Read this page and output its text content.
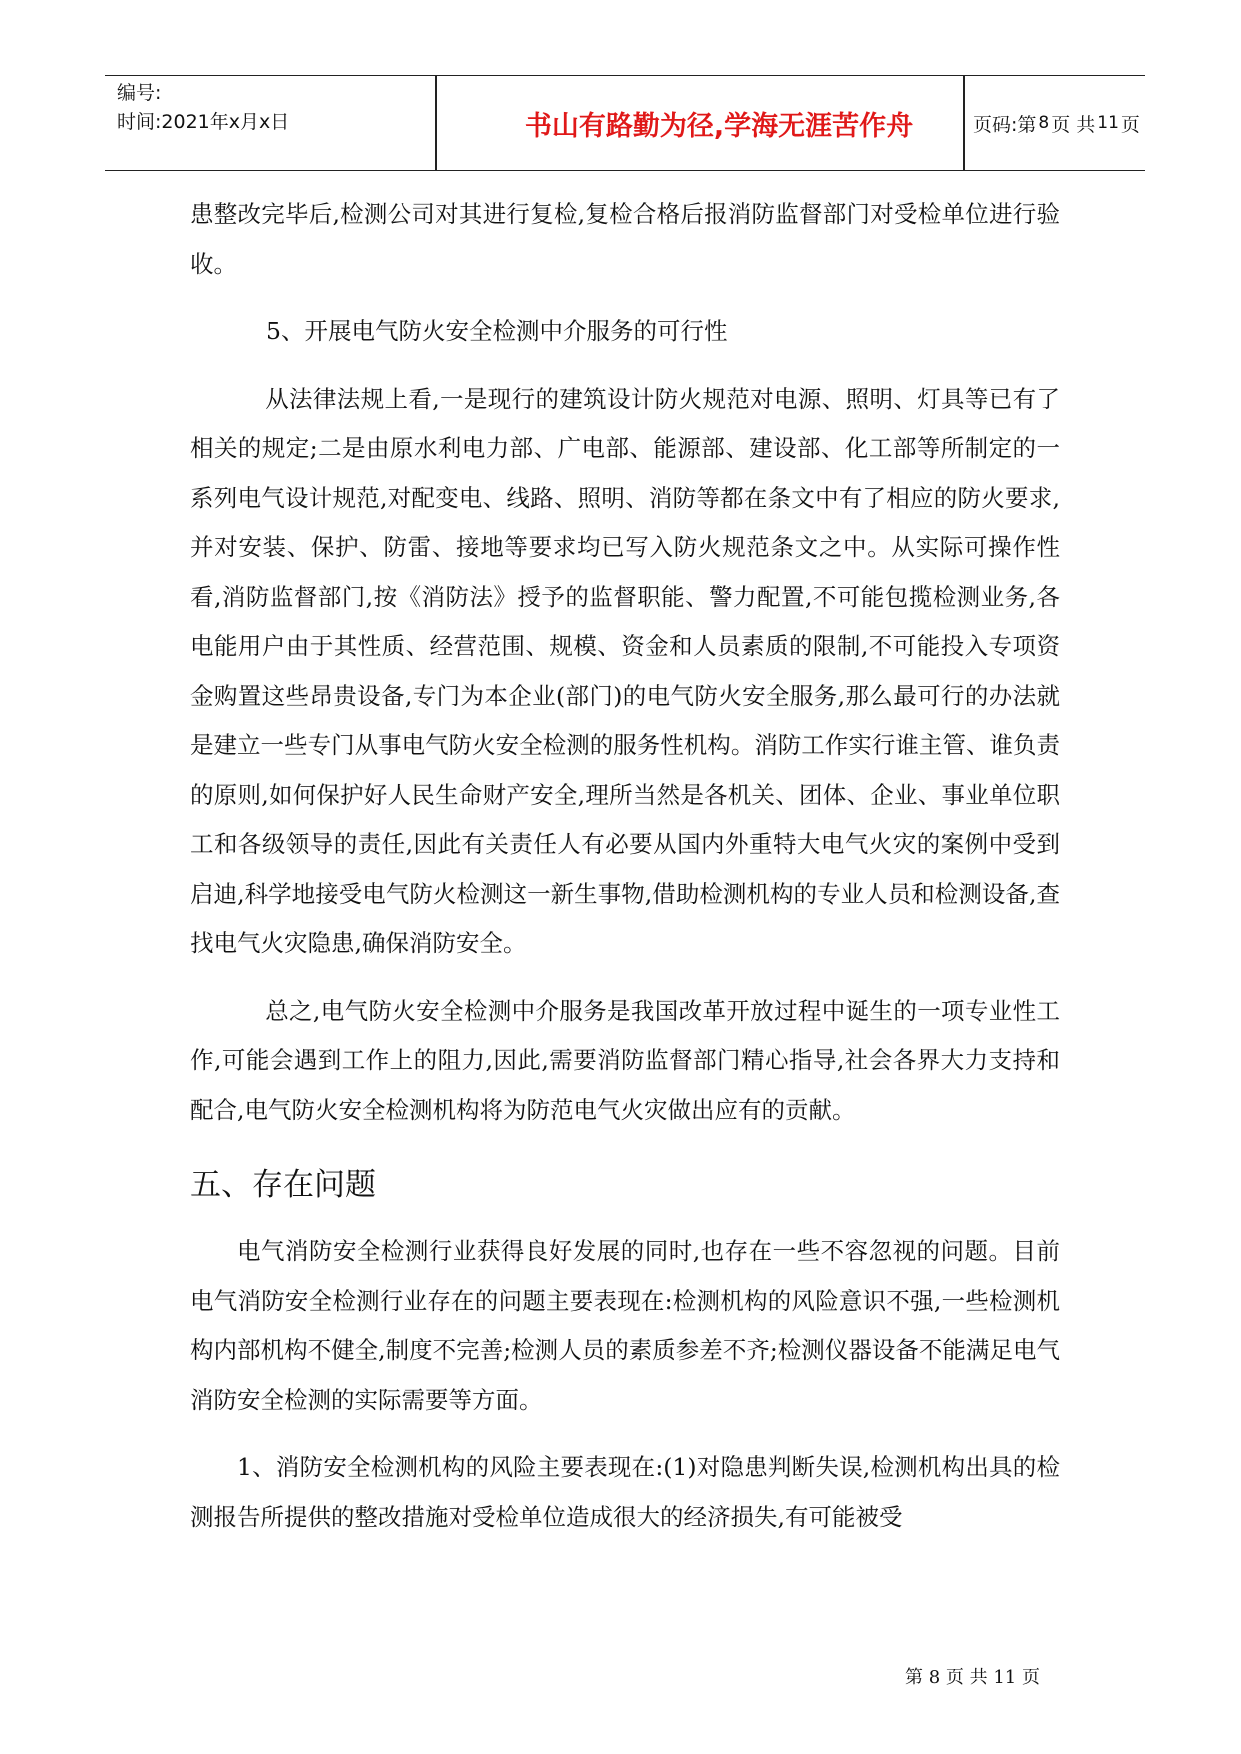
编号:
时间:2021年x月x日	书山有路勤为径,学海无涯苦作舟	页码:第 8 页 共 11 页

患整改完毕后,检测公司对其进行复检,复检合格后报消防监督部门对受检单位进行验收。

5、开展电气防火安全检测中介服务的可行性

从法律法规上看,一是现行的建筑设计防火规范对电源、照明、灯具等已有了相关的规定;二是由原水利电力部、广电部、能源部、建设部、化工部等所制定的一系列电气设计规范,对配变电、线路、照明、消防等都在条文中有了相应的防火要求,并对安装、保护、防雷、接地等要求均已写入防火规范条文之中。从实际可操作性看,消防监督部门,按《消防法》授予的监督职能、警力配置,不可能包揽检测业务,各电能用户由于其性质、经营范围、规模、资金和人员素质的限制,不可能投入专项资金购置这些昂贵设备,专门为本企业(部门)的电气防火安全服务,那么最可行的办法就是建立一些专门从事电气防火安全检测的服务性机构。消防工作实行谁主管、谁负责的原则,如何保护好人民生命财产安全,理所当然是各机关、团体、企业、事业单位职工和各级领导的责任,因此有关责任人有必要从国内外重特大电气火灾的案例中受到启迪,科学地接受电气防火检测这一新生事物,借助检测机构的专业人员和检测设备,查找电气火灾隐患,确保消防安全。

总之,电气防火安全检测中介服务是我国改革开放过程中诞生的一项专业性工作,可能会遇到工作上的阻力,因此,需要消防监督部门精心指导,社会各界大力支持和配合,电气防火安全检测机构将为防范电气火灾做出应有的贡献。

五、存在问题

电气消防安全检测行业获得良好发展的同时,也存在一些不容忽视的问题。目前电气消防安全检测行业存在的问题主要表现在:检测机构的风险意识不强,一些检测机构内部机构不健全,制度不完善;检测人员的素质参差不齐;检测仪器设备不能满足电气消防安全检测的实际需要等方面。

1、消防安全检测机构的风险主要表现在:(1)对隐患判断失误,检测机构出具的检测报告所提供的整改措施对受检单位造成很大的经济损失,有可能被受

第 8 页 共 11 页
